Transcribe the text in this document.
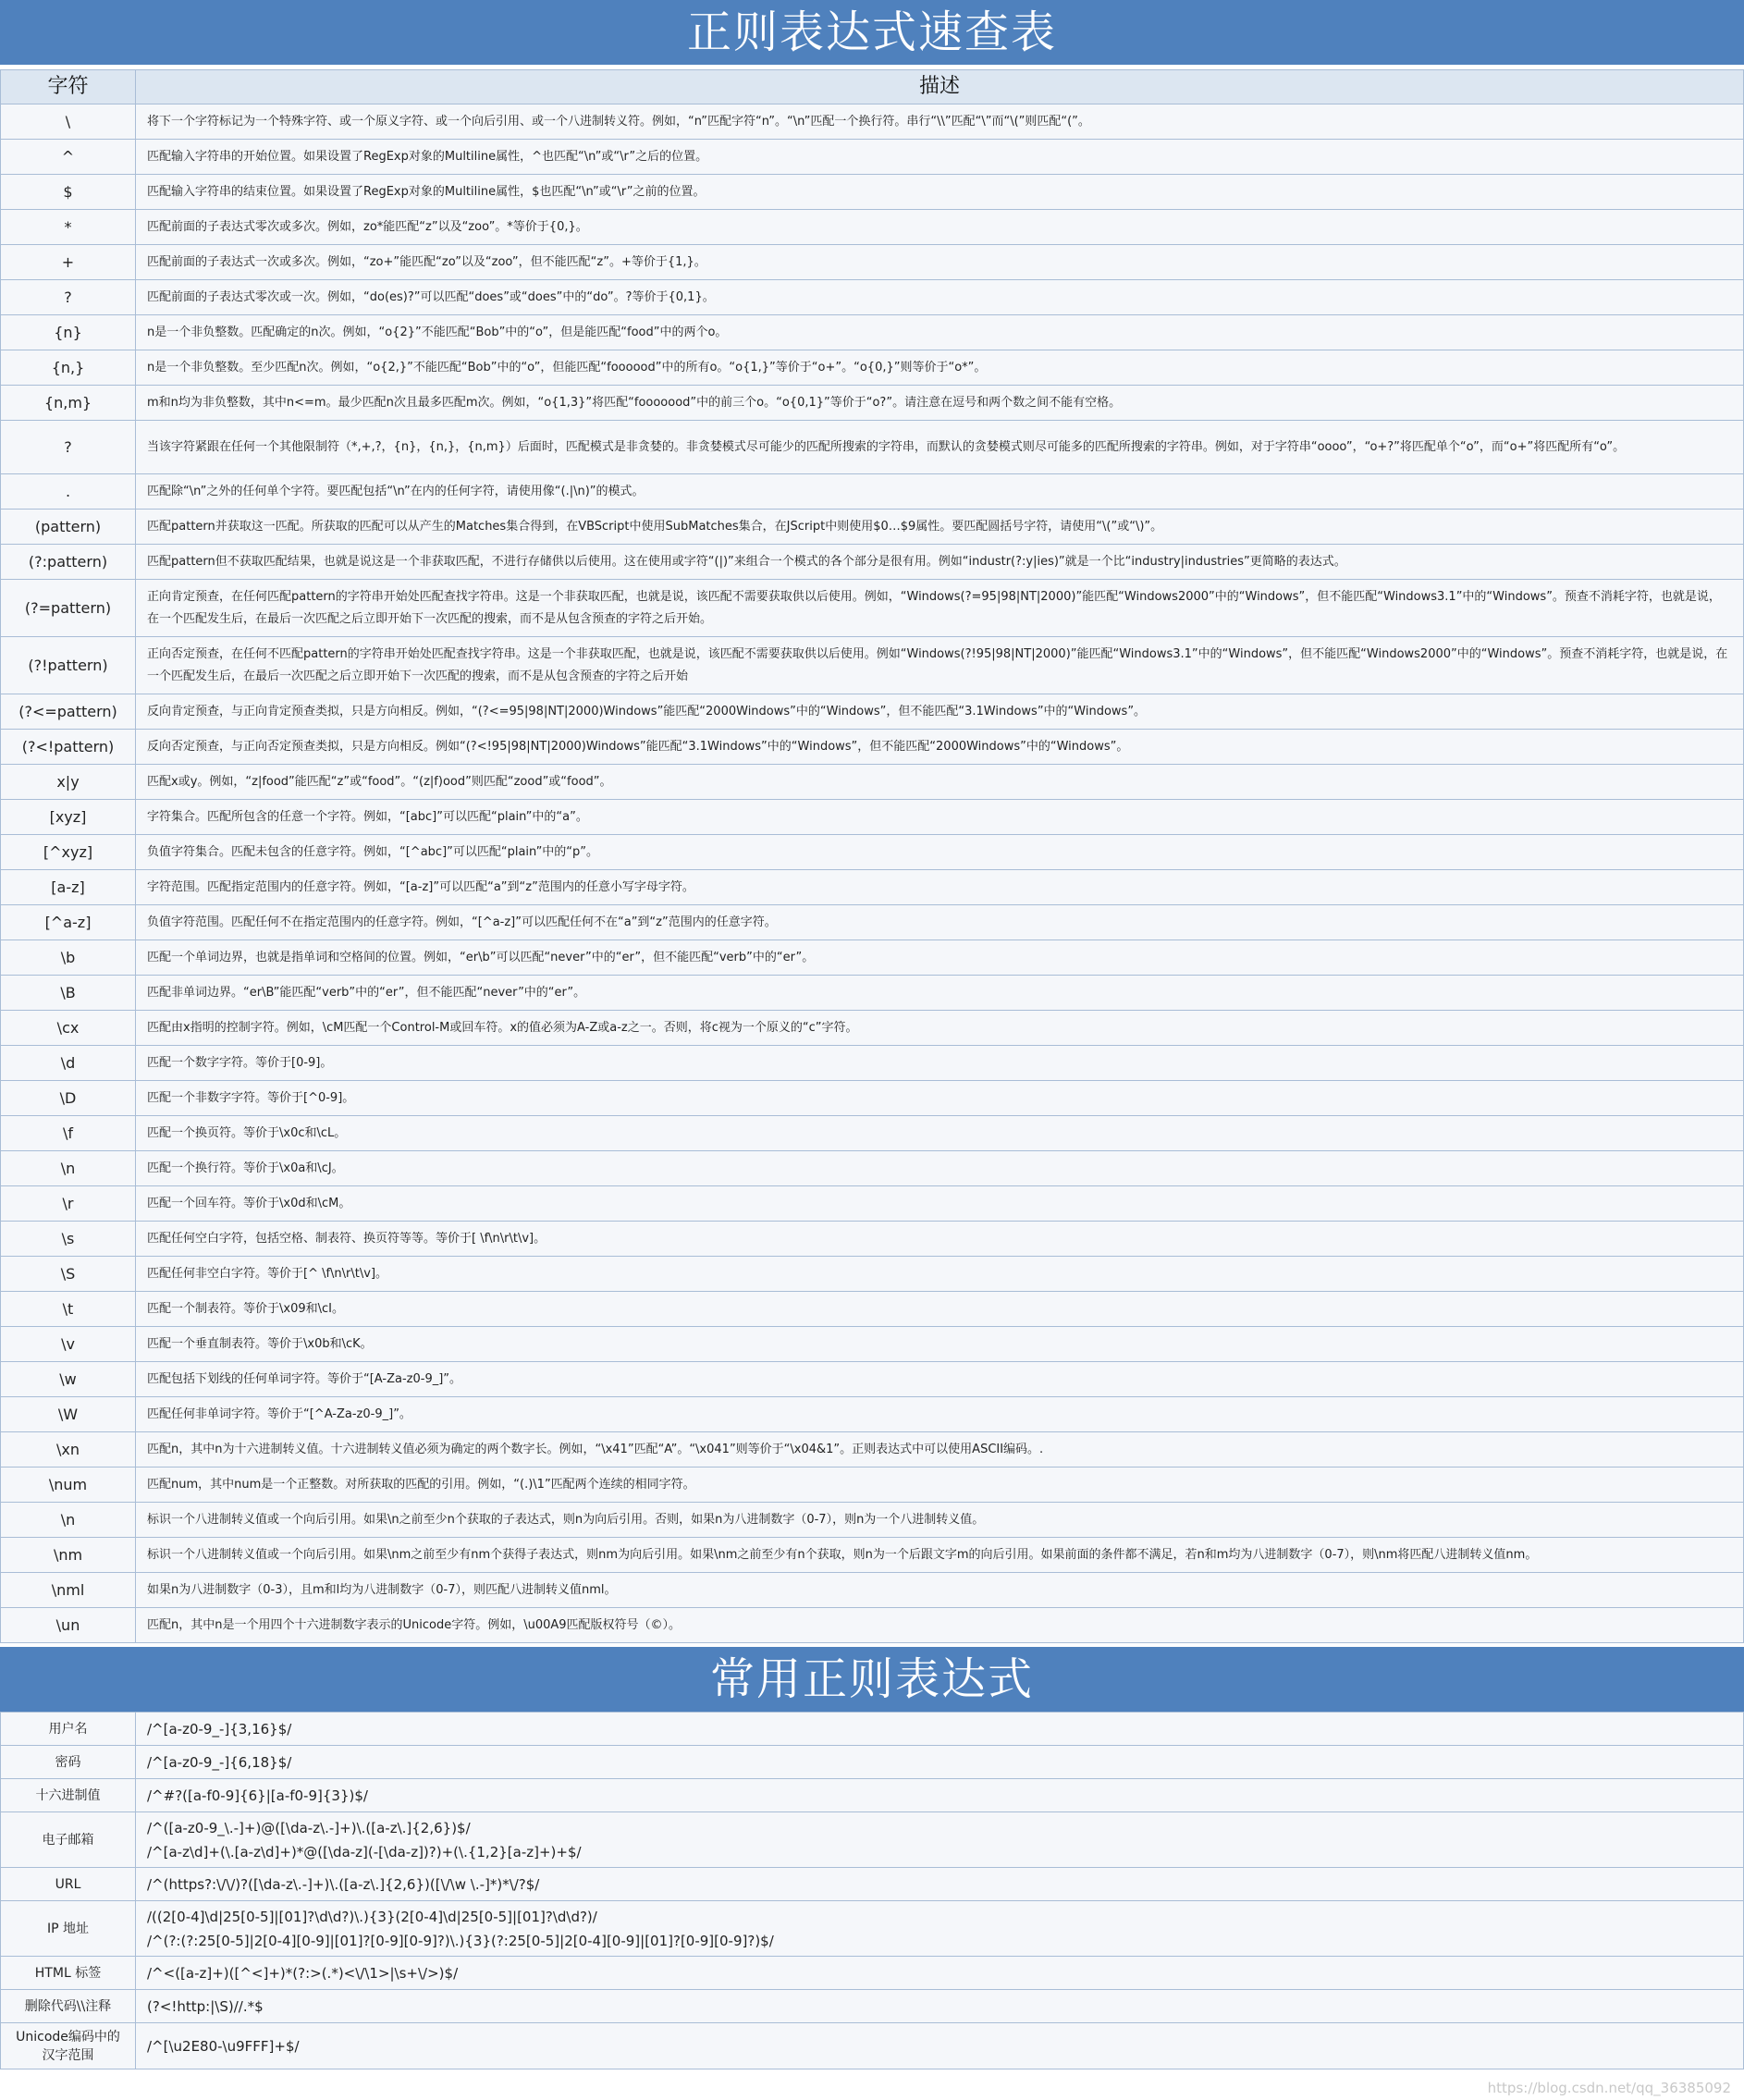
正则表达式速查表
字符	描述
\	将下一个字符标记为一个特殊字符、或一个原义字符、或一个向后引用、或一个八进制转义符。例如，“n”匹配字符“n”。“\n”匹配一个换行符。串行“\\”匹配“\”而“\(”则匹配“(”。
^	匹配输入字符串的开始位置。如果设置了RegExp对象的Multiline属性，^也匹配“\n”或“\r”之后的位置。
$	匹配输入字符串的结束位置。如果设置了RegExp对象的Multiline属性，$也匹配“\n”或“\r”之前的位置。
*	匹配前面的子表达式零次或多次。例如，zo*能匹配“z”以及“zoo”。*等价于{0,}。
+	匹配前面的子表达式一次或多次。例如，“zo+”能匹配“zo”以及“zoo”，但不能匹配“z”。+等价于{1,}。
?	匹配前面的子表达式零次或一次。例如，“do(es)?”可以匹配“does”或“does”中的“do”。?等价于{0,1}。
{n}	n是一个非负整数。匹配确定的n次。例如，“o{2}”不能匹配“Bob”中的“o”，但是能匹配“food”中的两个o。
{n,}	n是一个非负整数。至少匹配n次。例如，“o{2,}”不能匹配“Bob”中的“o”，但能匹配“foooood”中的所有o。“o{1,}”等价于“o+”。“o{0,}”则等价于“o*”。
{n,m}	m和n均为非负整数，其中n<=m。最少匹配n次且最多匹配m次。例如，“o{1,3}”将匹配“fooooood”中的前三个o。“o{0,1}”等价于“o?”。请注意在逗号和两个数之间不能有空格。
?	当该字符紧跟在任何一个其他限制符（*,+,?，{n}，{n,}，{n,m}）后面时，匹配模式是非贪婪的。非贪婪模式尽可能少的匹配所搜索的字符串，而默认的贪婪模式则尽可能多的匹配所搜索的字符串。例如，对于字符串“oooo”，“o+?”将匹配单个“o”，而“o+”将匹配所有“o”。
.	匹配除“\n”之外的任何单个字符。要匹配包括“\n”在内的任何字符，请使用像“(.|\n)”的模式。
(pattern)	匹配pattern并获取这一匹配。所获取的匹配可以从产生的Matches集合得到，在VBScript中使用SubMatches集合，在JScript中则使用$0…$9属性。要匹配圆括号字符，请使用“\(”或“\)”。
(?:pattern)	匹配pattern但不获取匹配结果，也就是说这是一个非获取匹配，不进行存储供以后使用。这在使用或字符“(|)”来组合一个模式的各个部分是很有用。例如“industr(?:y|ies)”就是一个比“industry|industries”更简略的表达式。
(?=pattern)	正向肯定预查，在任何匹配pattern的字符串开始处匹配查找字符串。这是一个非获取匹配，也就是说，该匹配不需要获取供以后使用。例如，“Windows(?=95|98|NT|2000)”能匹配“Windows2000”中的“Windows”，但不能匹配“Windows3.1”中的“Windows”。预查不消耗字符，也就是说，在一个匹配发生后，在最后一次匹配之后立即开始下一次匹配的搜索，而不是从包含预查的字符之后开始。
(?!pattern)	正向否定预查，在任何不匹配pattern的字符串开始处匹配查找字符串。这是一个非获取匹配，也就是说，该匹配不需要获取供以后使用。例如“Windows(?!95|98|NT|2000)”能匹配“Windows3.1”中的“Windows”，但不能匹配“Windows2000”中的“Windows”。预查不消耗字符，也就是说，在一个匹配发生后，在最后一次匹配之后立即开始下一次匹配的搜索，而不是从包含预查的字符之后开始
(?<=pattern)	反向肯定预查，与正向肯定预查类拟，只是方向相反。例如，“(?<=95|98|NT|2000)Windows”能匹配“2000Windows”中的“Windows”，但不能匹配“3.1Windows”中的“Windows”。
(?<!pattern)	反向否定预查，与正向否定预查类拟，只是方向相反。例如“(?<!95|98|NT|2000)Windows”能匹配“3.1Windows”中的“Windows”，但不能匹配“2000Windows”中的“Windows”。
x|y	匹配x或y。例如，“z|food”能匹配“z”或“food”。“(z|f)ood”则匹配“zood”或“food”。
[xyz]	字符集合。匹配所包含的任意一个字符。例如，“[abc]”可以匹配“plain”中的“a”。
[^xyz]	负值字符集合。匹配未包含的任意字符。例如，“[^abc]”可以匹配“plain”中的“p”。
[a-z]	字符范围。匹配指定范围内的任意字符。例如，“[a-z]”可以匹配“a”到“z”范围内的任意小写字母字符。
[^a-z]	负值字符范围。匹配任何不在指定范围内的任意字符。例如，“[^a-z]”可以匹配任何不在“a”到“z”范围内的任意字符。
\b	匹配一个单词边界，也就是指单词和空格间的位置。例如，“er\b”可以匹配“never”中的“er”，但不能匹配“verb”中的“er”。
\B	匹配非单词边界。“er\B”能匹配“verb”中的“er”，但不能匹配“never”中的“er”。
\cx	匹配由x指明的控制字符。例如，\cM匹配一个Control-M或回车符。x的值必须为A-Z或a-z之一。否则，将c视为一个原义的“c”字符。
\d	匹配一个数字字符。等价于[0-9]。
\D	匹配一个非数字字符。等价于[^0-9]。
\f	匹配一个换页符。等价于\x0c和\cL。
\n	匹配一个换行符。等价于\x0a和\cJ。
\r	匹配一个回车符。等价于\x0d和\cM。
\s	匹配任何空白字符，包括空格、制表符、换页符等等。等价于[ \f\n\r\t\v]。
\S	匹配任何非空白字符。等价于[^ \f\n\r\t\v]。
\t	匹配一个制表符。等价于\x09和\cI。
\v	匹配一个垂直制表符。等价于\x0b和\cK。
\w	匹配包括下划线的任何单词字符。等价于“[A-Za-z0-9_]”。
\W	匹配任何非单词字符。等价于“[^A-Za-z0-9_]”。
\xn	匹配n，其中n为十六进制转义值。十六进制转义值必须为确定的两个数字长。例如，“\x41”匹配“A”。“\x041”则等价于“\x04&1”。正则表达式中可以使用ASCII编码。.
\num	匹配num，其中num是一个正整数。对所获取的匹配的引用。例如，“(.)\1”匹配两个连续的相同字符。
\n	标识一个八进制转义值或一个向后引用。如果\n之前至少n个获取的子表达式，则n为向后引用。否则，如果n为八进制数字（0-7），则n为一个八进制转义值。
\nm	标识一个八进制转义值或一个向后引用。如果\nm之前至少有nm个获得子表达式，则nm为向后引用。如果\nm之前至少有n个获取，则n为一个后跟文字m的向后引用。如果前面的条件都不满足，若n和m均为八进制数字（0-7），则\nm将匹配八进制转义值nm。
\nml	如果n为八进制数字（0-3），且m和l均为八进制数字（0-7），则匹配八进制转义值nml。
\un	匹配n，其中n是一个用四个十六进制数字表示的Unicode字符。例如，\u00A9匹配版权符号（©）。
常用正则表达式
用户名	/^[a-z0-9_-]{3,16}$/

密码	/^[a-z0-9_-]{6,18}$/

十六进制值	/^#?([a-f0-9]{6}|[a-f0-9]{3})$/

电子邮箱	/^([a-z0-9_\.-]+)@([\da-z\.-]+)\.([a-z\.]{2,6})$/
/^[a-z\d]+(\.[a-z\d]+)*@([\da-z](-[\da-z])?)+(\.{1,2}[a-z]+)+$/

URL	/^(https?:\/\/)?([\da-z\.-]+)\.([a-z\.]{2,6})([\/\w \.-]*)*\/?$/

IP 地址	/((2[0-4]\d|25[0-5]|[01]?\d\d?)\.){3}(2[0-4]\d|25[0-5]|[01]?\d\d?)/
/^(?:(?:25[0-5]|2[0-4][0-9]|[01]?[0-9][0-9]?)\.){3}(?:25[0-5]|2[0-4][0-9]|[01]?[0-9][0-9]?)$/

HTML 标签	/^<([a-z]+)([^<]+)*(?:>(.*)<\/\1>|\s+\/>)$/

删除代码\\注释	(?<!http:|\S)//.*$

Unicode编码中的汉字范围	/^[\u2E80-\u9FFF]+$/
https://blog.csdn.net/qq_36385092
